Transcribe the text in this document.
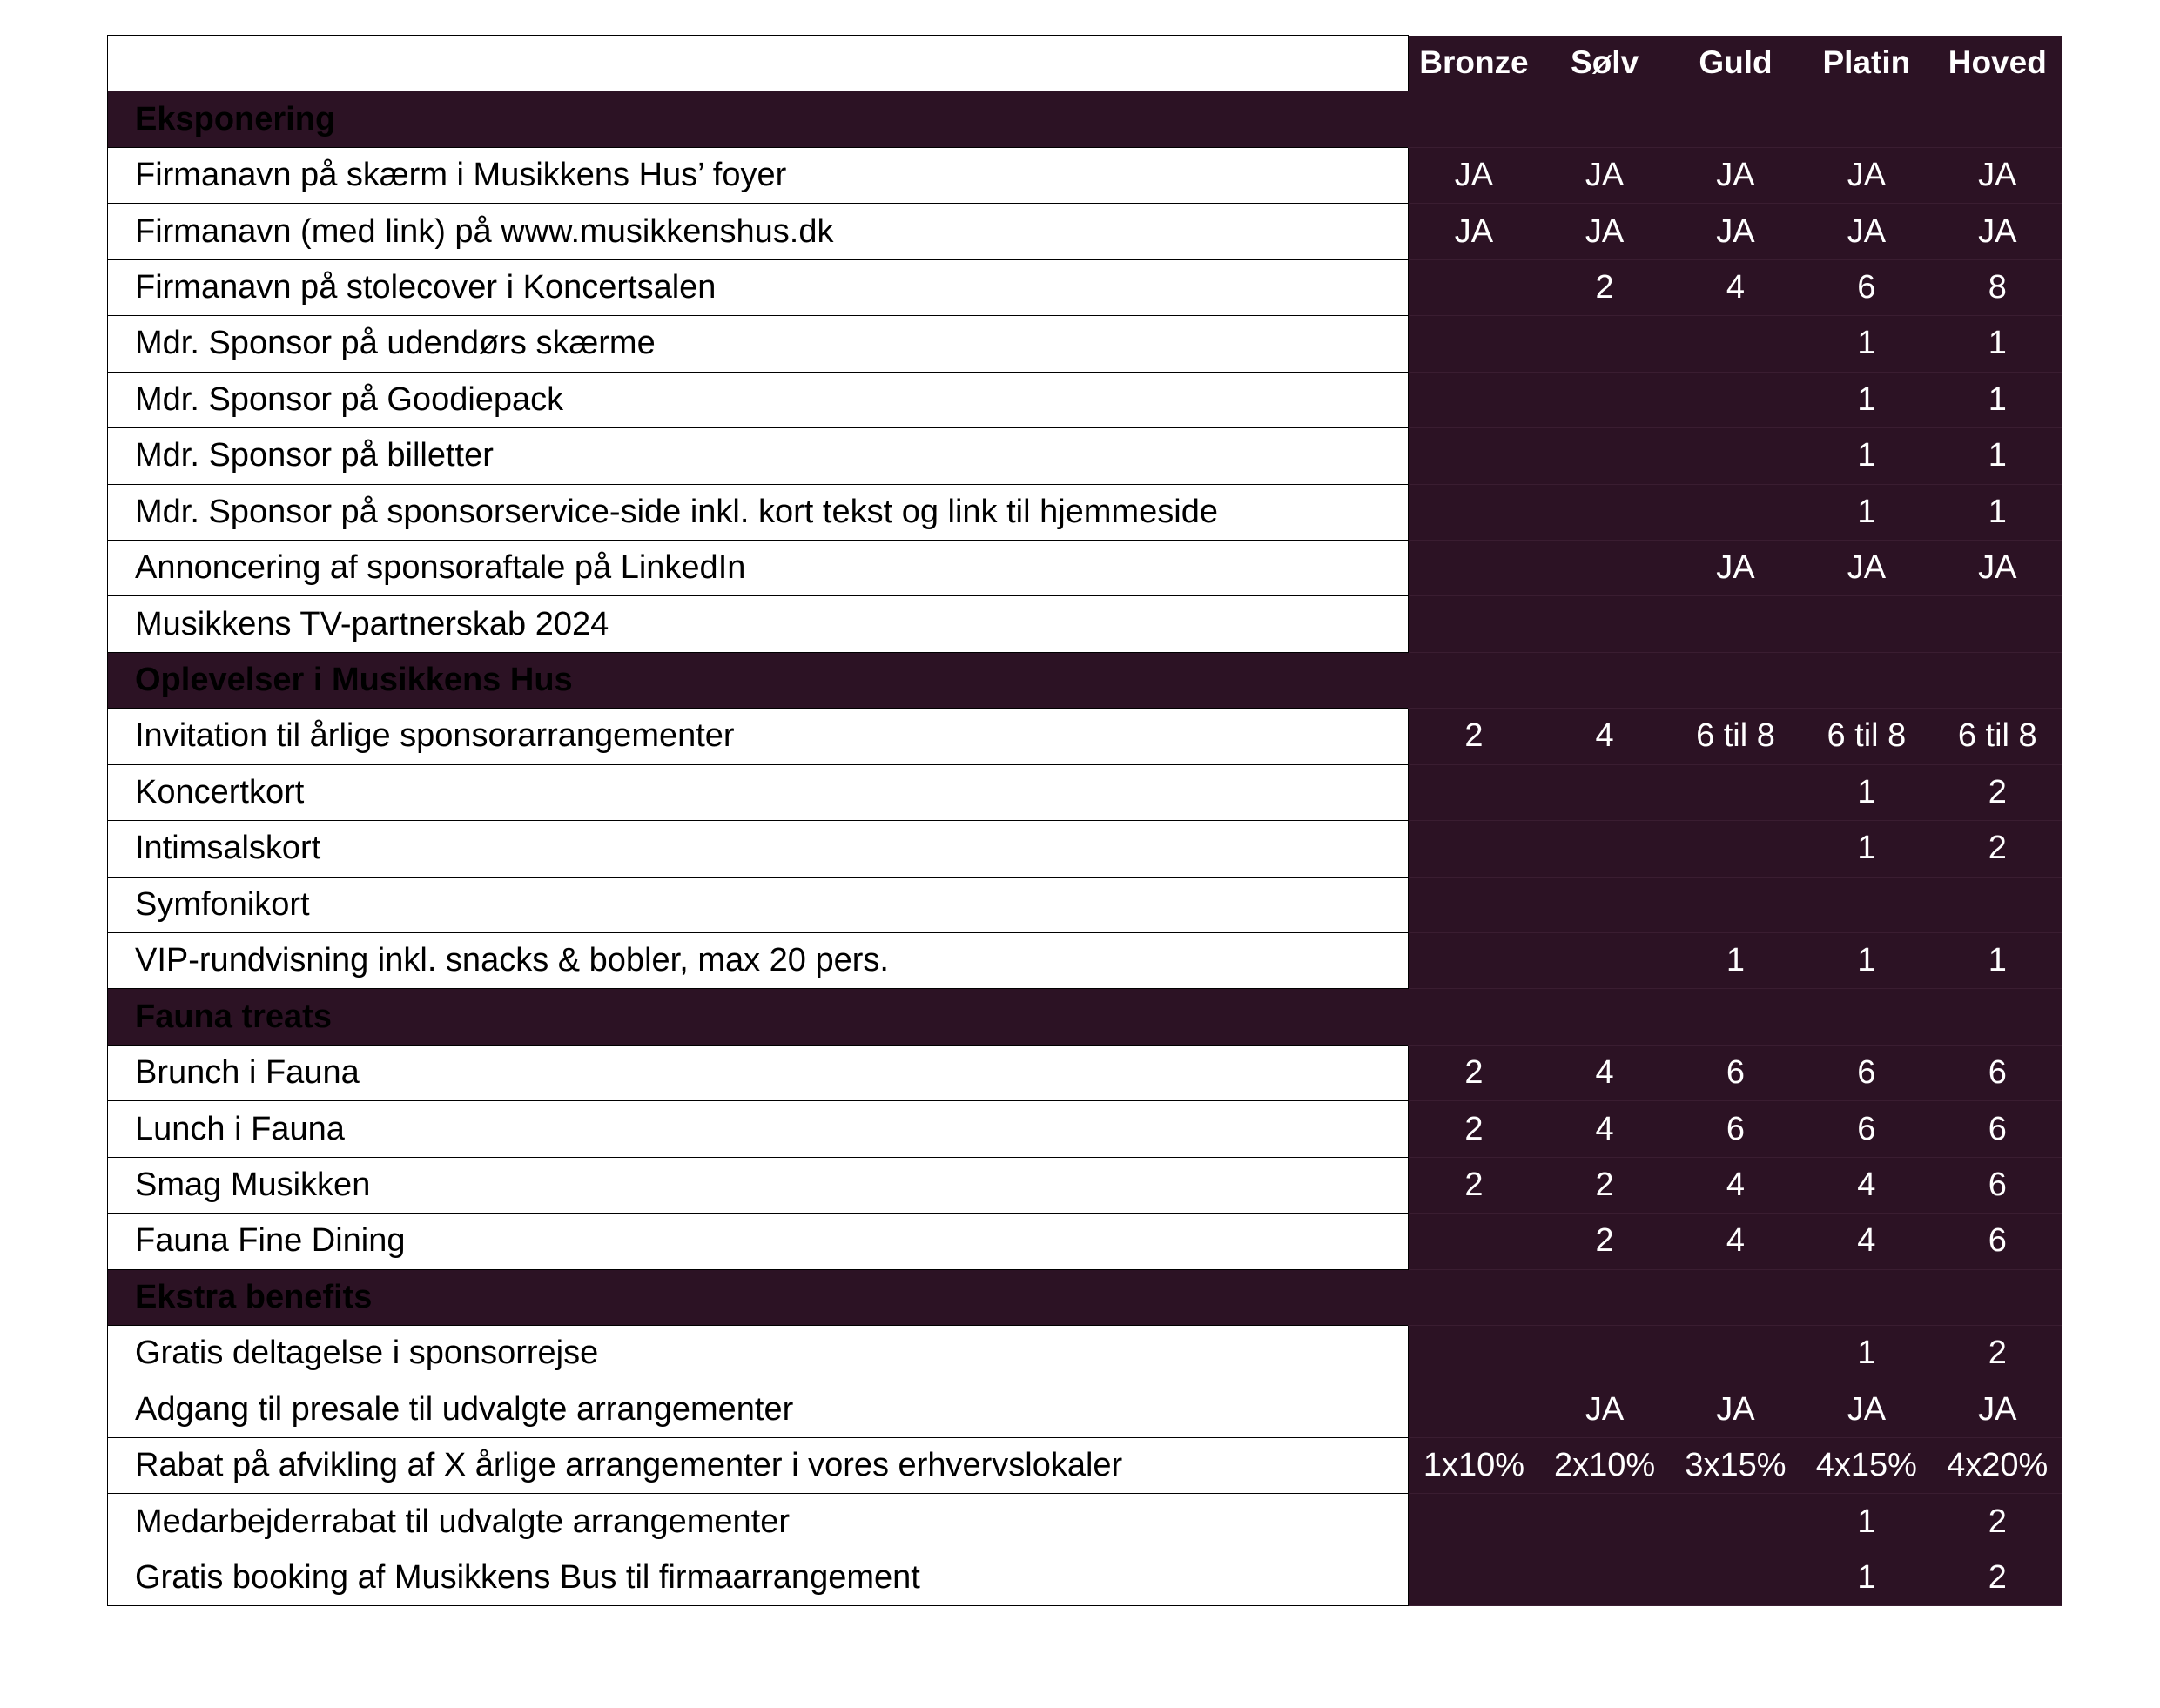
	Bronze	Sølv	Guld	Platin	Hoved
Eksponering					
Firmanavn på skærm i Musikkens Hus’ foyer	JA	JA	JA	JA	JA
Firmanavn (med link) på www.musikkenshus.dk	JA	JA	JA	JA	JA
Firmanavn på stolecover i Koncertsalen		2	4	6	8
Mdr. Sponsor på udendørs skærme				1	1
Mdr. Sponsor på Goodiepack				1	1
Mdr. Sponsor på billetter				1	1
Mdr. Sponsor på sponsorservice-side inkl. kort tekst og link til hjemmeside				1	1
Annoncering af sponsoraftale på LinkedIn			JA	JA	JA
Musikkens TV-partnerskab 2024					
Oplevelser i Musikkens Hus					
Invitation til årlige sponsorarrangementer	2	4	6 til 8	6 til 8	6 til 8
Koncertkort				1	2
Intimsalskort				1	2
Symfonikort					
VIP-rundvisning inkl. snacks & bobler, max 20 pers.			1	1	1
Fauna treats					
Brunch i Fauna	2	4	6	6	6
Lunch i Fauna	2	4	6	6	6
Smag Musikken	2	2	4	4	6
Fauna Fine Dining		2	4	4	6
Ekstra benefits					
Gratis deltagelse i sponsorrejse				1	2
Adgang til presale til udvalgte arrangementer		JA	JA	JA	JA
Rabat på afvikling af X årlige arrangementer i vores erhvervslokaler	1x10%	2x10%	3x15%	4x15%	4x20%
Medarbejderrabat til udvalgte arrangementer				1	2
Gratis booking af Musikkens Bus til firmaarrangement				1	2
